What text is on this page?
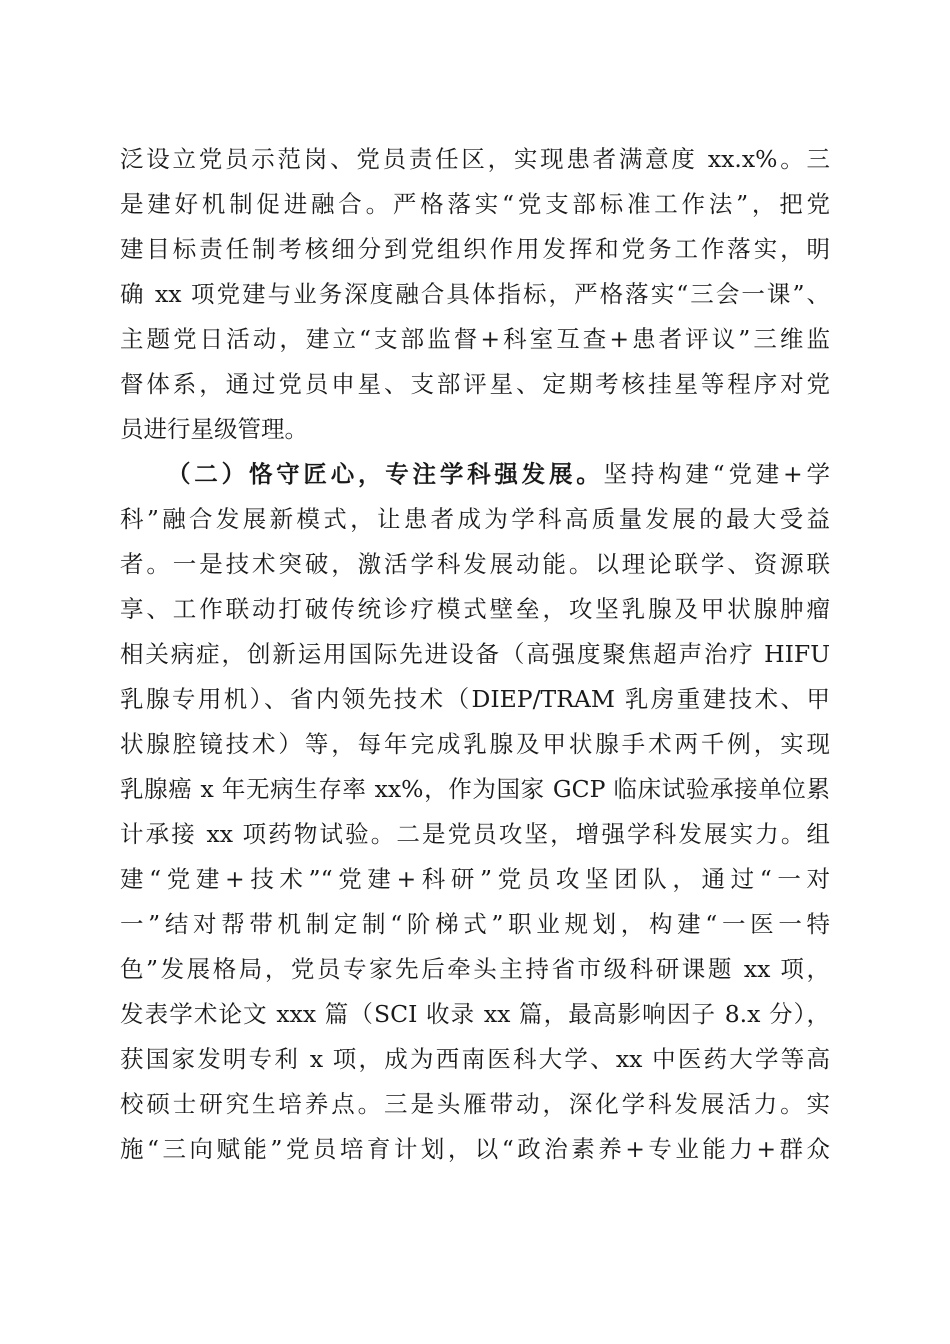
泛设立党员示范岗、党员责任区，实现患者满意度 xx.x%。三
是建好机制促进融合。严格落实“党支部标准工作法”，把党
建目标责任制考核细分到党组织作用发挥和党务工作落实，明
确 xx 项党建与业务深度融合具体指标，严格落实“三会一课”、
主题党日活动，建立“支部监督+科室互查+患者评议”三维监
督体系，通过党员申星、支部评星、定期考核挂星等程序对党
员进行星级管理。
（二）恪守匠心，专注学科强发展。坚持构建“党建+学
科”融合发展新模式，让患者成为学科高质量发展的最大受益
者。一是技术突破，激活学科发展动能。以理论联学、资源联
享、工作联动打破传统诊疗模式壁垒，攻坚乳腺及甲状腺肿瘤
相关病症，创新运用国际先进设备（高强度聚焦超声治疗 HIFU
乳腺专用机）、省内领先技术（DIEP/TRAM 乳房重建技术、甲
状腺腔镜技术）等，每年完成乳腺及甲状腺手术两千例，实现
乳腺癌 x 年无病生存率 xx%，作为国家 GCP 临床试验承接单位累
计承接 xx 项药物试验。二是党员攻坚，增强学科发展实力。组
建“党建+技术”“党建+科研”党员攻坚团队，通过“一对
一”结对帮带机制定制“阶梯式”职业规划，构建“一医一特
色”发展格局，党员专家先后牵头主持省市级科研课题 xx 项，
发表学术论文 xxx 篇（SCI 收录 xx 篇，最高影响因子 8.x 分），
获国家发明专利 x 项，成为西南医科大学、xx 中医药大学等高
校硕士研究生培养点。三是头雁带动，深化学科发展活力。实
施“三向赋能”党员培育计划，以“政治素养+专业能力+群众
